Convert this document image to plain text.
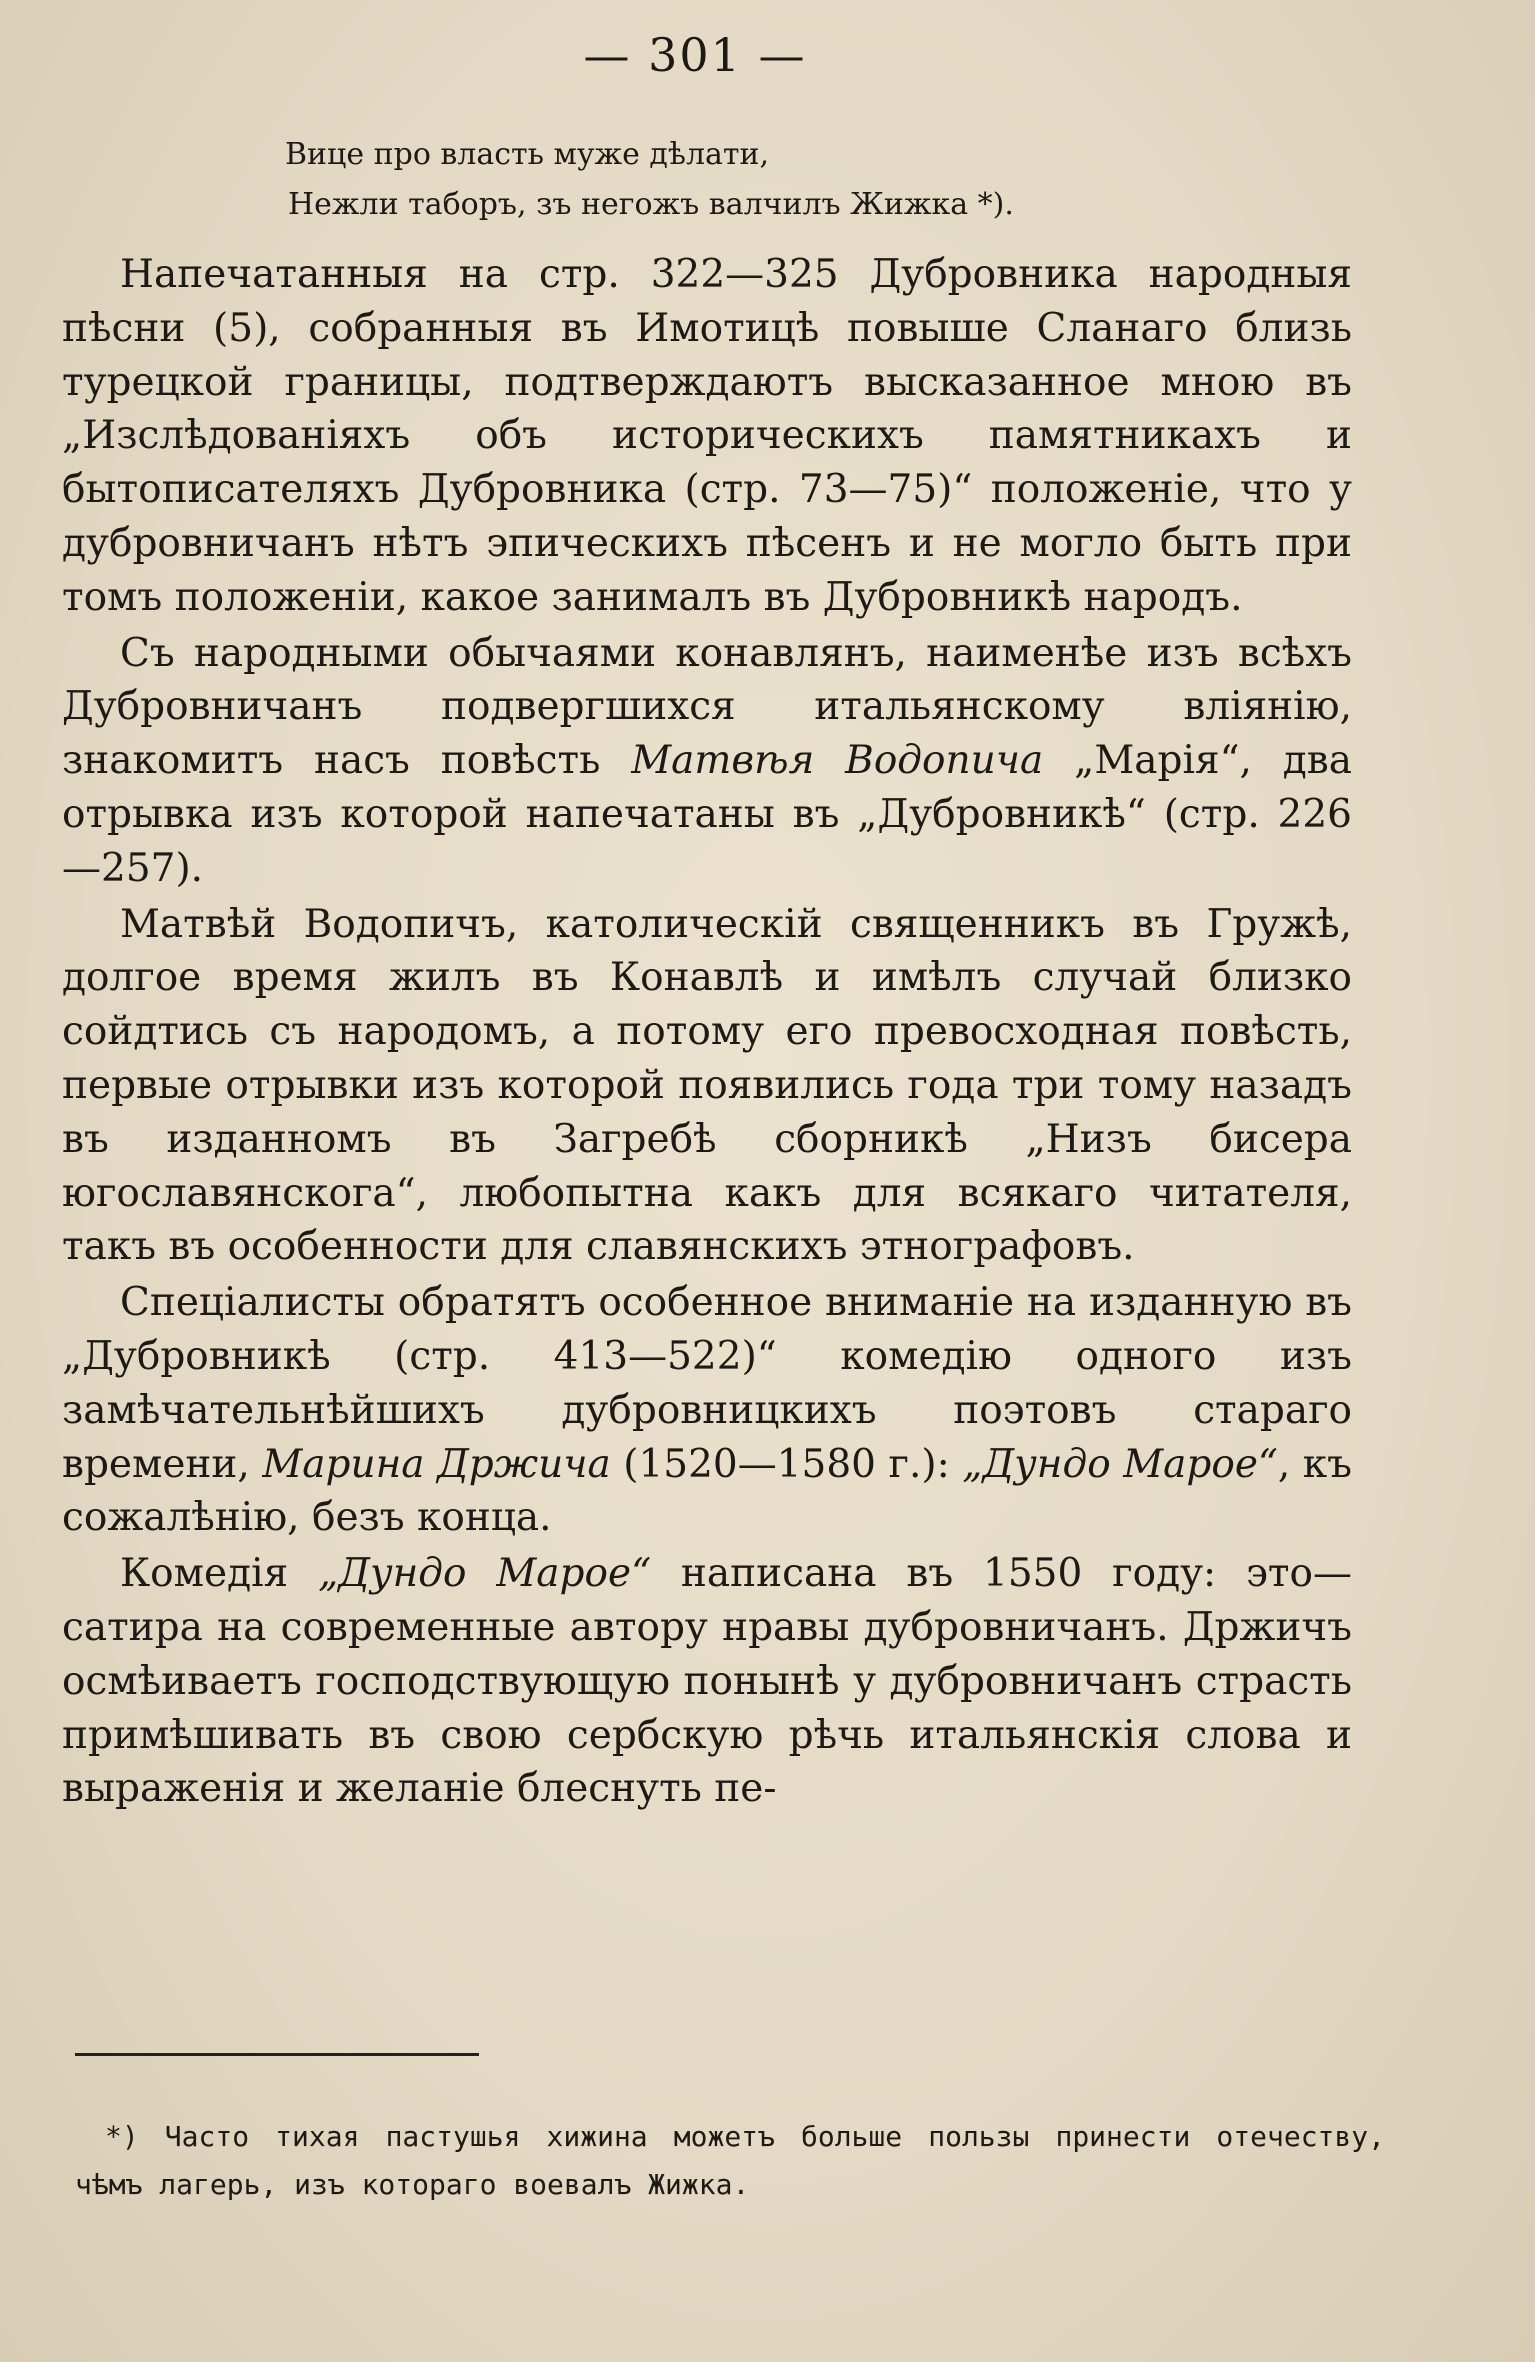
— 301 —
Вице про власть муже дѣлати,
Нежли таборъ, зъ негожъ валчилъ Жижка *).

Напечатанныя на стр. 322—325 Дубровника народныя пѣсни (5), собранныя въ Имотицѣ повыше Сланаго близь турецкой границы, подтверждаютъ высказанное мною въ „Изслѣдованіяхъ объ историческихъ памятникахъ и бытописателяхъ Дубровника (стр. 73—75)“ положеніе, что у дубровничанъ нѣтъ эпическихъ пѣсенъ и не могло быть при томъ положеніи, какое занималъ въ Дубровникѣ народъ.

Съ народными обычаями конавлянъ, наименѣе изъ всѣхъ Дубровничанъ подвергшихся итальянскому вліянію, знакомитъ насъ повѣсть Матвѣя Водопича „Марія“, два отрывка изъ которой напечатаны въ „Дубровникѣ“ (стр. 226—257).

Матвѣй Водопичъ, католическій священникъ въ Гружѣ, долгое время жилъ въ Конавлѣ и имѣлъ случай близко сойдтись съ народомъ, а потому его превосходная повѣсть, первые отрывки изъ которой появились года три тому назадъ въ изданномъ въ Загребѣ сборникѣ „Низъ бисера югославянскога“, любопытна какъ для всякаго читателя, такъ въ особенности для славянскихъ этнографовъ.

Спеціалисты обратятъ особенное вниманіе на изданную въ „Дубровникѣ (стр. 413—522)“ комедію одного изъ замѣчательнѣйшихъ дубровницкихъ поэтовъ стараго времени, Марина Држича (1520—1580 г.): „Дундо Мароe“, къ сожалѣнію, безъ конца.

Комедія „Дундо Мароe“ написана въ 1550 году: это—сатира на современные автору нравы дубровничанъ. Држичъ осмѣиваетъ господствующую понынѣ у дубровничанъ страсть примѣшивать въ свою сербскую рѣчь итальянскія слова и выраженія и желаніе блеснуть пе-

*) Часто тихая пастушья хижина можетъ больше пользы принести отечеству, чѣмъ лагерь, изъ котораго воевалъ Жижка.
